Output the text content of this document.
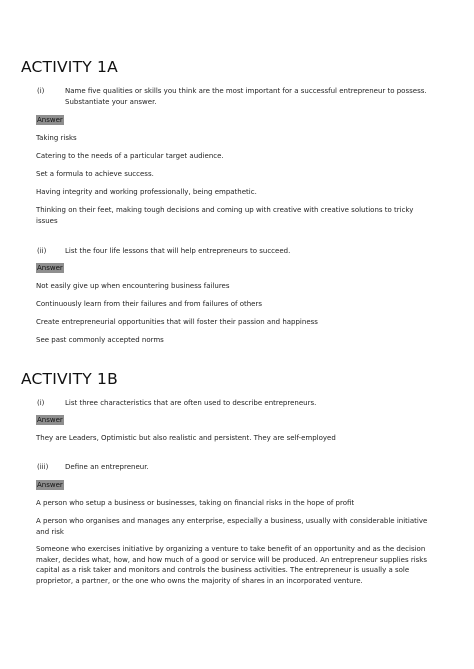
ACTIVITY 1A
(i)	Name five qualities or skills you think are the most important for a successful entrepreneur to possess. Substantiate your answer.
Answer
Taking risks
Catering to the needs of a particular target audience.
Set a formula to achieve success.
Having integrity and working professionally, being empathetic.
Thinking on their feet, making tough decisions and coming up with creative with creative solutions to tricky issues
(ii)	List the four life lessons that will help entrepreneurs to succeed.
Answer
Not easily give up when encountering business failures
Continuously learn from their failures and from failures of others
Create entrepreneurial opportunities that will foster their passion and happiness
See past commonly accepted norms
ACTIVITY 1B
(i)	List three characteristics that are often used to describe entrepreneurs.
Answer
They are Leaders, Optimistic but also realistic and persistent. They are self-employed
(iii) Define an entrepreneur.
Answer
A person who setup a business or businesses, taking on financial risks in the hope of profit
A person who organises and manages any enterprise, especially a business, usually with considerable initiative and risk
Someone who exercises initiative by organizing a venture to take benefit of an opportunity and as the decision maker, decides what, how, and how much of a good or service will be produced. An entrepreneur supplies risks capital as a risk taker and monitors and controls the business activities. The entrepreneur is usually a sole proprietor, a partner, or the one who owns the majority of shares in an incorporated venture.
